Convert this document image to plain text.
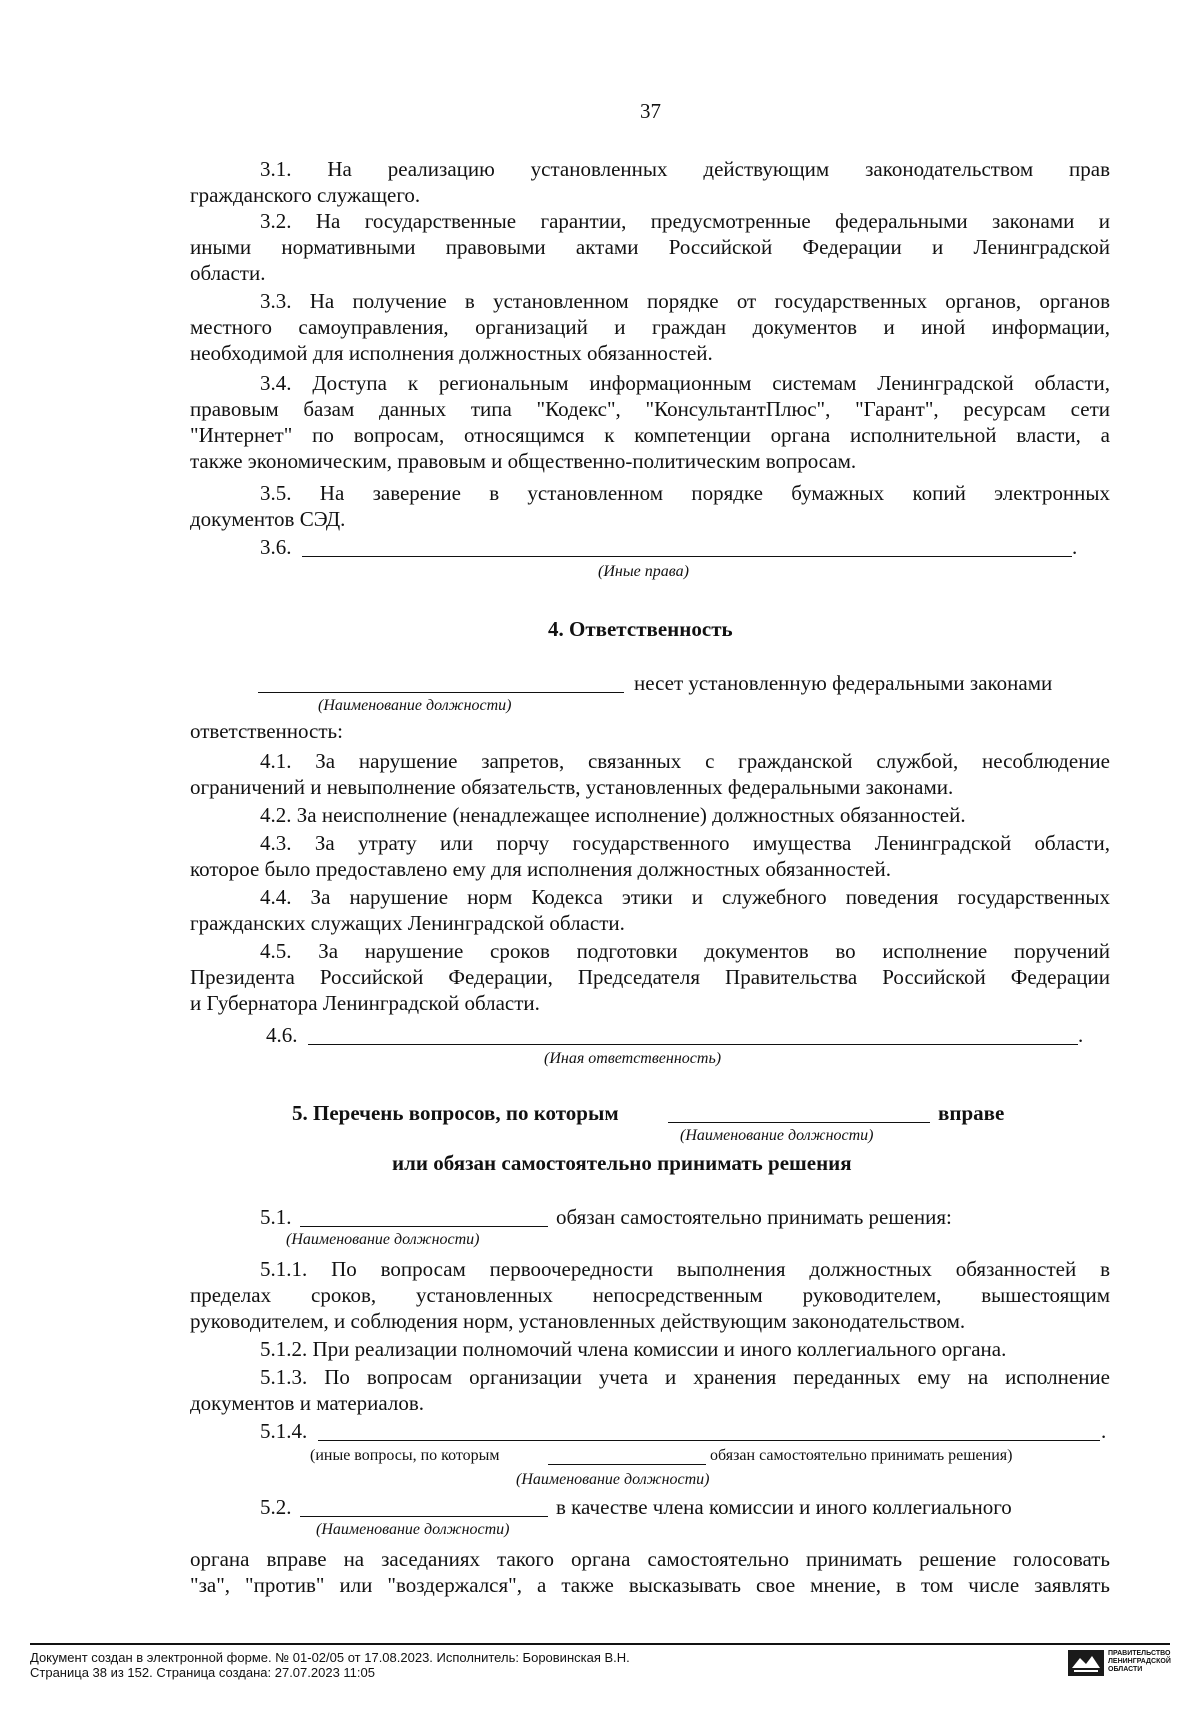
37
3.1. На реализацию установленных действующим законодательством прав
гражданского служащего.
3.2. На государственные гарантии, предусмотренные федеральными законами и
иными нормативными правовыми актами Российской Федерации и Ленинградской
области.
3.3. На получение в установленном порядке от государственных органов, органов
местного самоуправления, организаций и граждан документов и иной информации,
необходимой для исполнения должностных обязанностей.
3.4. Доступа к региональным информационным системам Ленинградской области,
правовым базам данных типа "Кодекс", "КонсультантПлюс", "Гарант", ресурсам сети
"Интернет" по вопросам, относящимся к компетенции органа исполнительной власти, а
также экономическим, правовым и общественно-политическим вопросам.
3.5. На заверение в установленном порядке бумажных копий электронных
документов СЭД.
3.6.	.
(Иные права)
4. Ответственность
несет установленную федеральными законами
(Наименование должности)
ответственность:
4.1. За нарушение запретов, связанных с гражданской службой, несоблюдение
ограничений и невыполнение обязательств, установленных федеральными законами.
4.2. За неисполнение (ненадлежащее исполнение) должностных обязанностей.
4.3. За утрату или порчу государственного имущества Ленинградской области,
которое было предоставлено ему для исполнения должностных обязанностей.
4.4. За нарушение норм Кодекса этики и служебного поведения государственных
гражданских служащих Ленинградской области.
4.5. За нарушение сроков подготовки документов во исполнение поручений
Президента Российской Федерации, Председателя Правительства Российской Федерации
и Губернатора Ленинградской области.
4.6.	.
(Иная ответственность)
5. Перечень вопросов, по которым	вправе
(Наименование должности)
или обязан самостоятельно принимать решения
5.1.	обязан самостоятельно принимать решения:
(Наименование должности)
5.1.1. По вопросам первоочередности выполнения должностных обязанностей в
пределах сроков, установленных непосредственным руководителем, вышестоящим
руководителем, и соблюдения норм, установленных действующим законодательством.
5.1.2. При реализации полномочий члена комиссии и иного коллегиального органа.
5.1.3. По вопросам организации учета и хранения переданных ему на исполнение
документов и материалов.
5.1.4.	.
(иные вопросы, по которым	обязан самостоятельно принимать решения)
(Наименование должности)
5.2.	в качестве члена комиссии и иного коллегиального
(Наименование должности)
органа вправе на заседаниях такого органа самостоятельно принимать решение голосовать
"за", "против" или "воздержался", а также высказывать свое мнение, в том числе заявлять
Документ создан в электронной форме. № 01-02/05 от 17.08.2023. Исполнитель: Боровинская В.Н.
Страница 38 из 152. Страница создана: 27.07.2023 11:05
ПРАВИТЕЛЬСТВО
ЛЕНИНГРАДСКОЙ
ОБЛАСТИ
